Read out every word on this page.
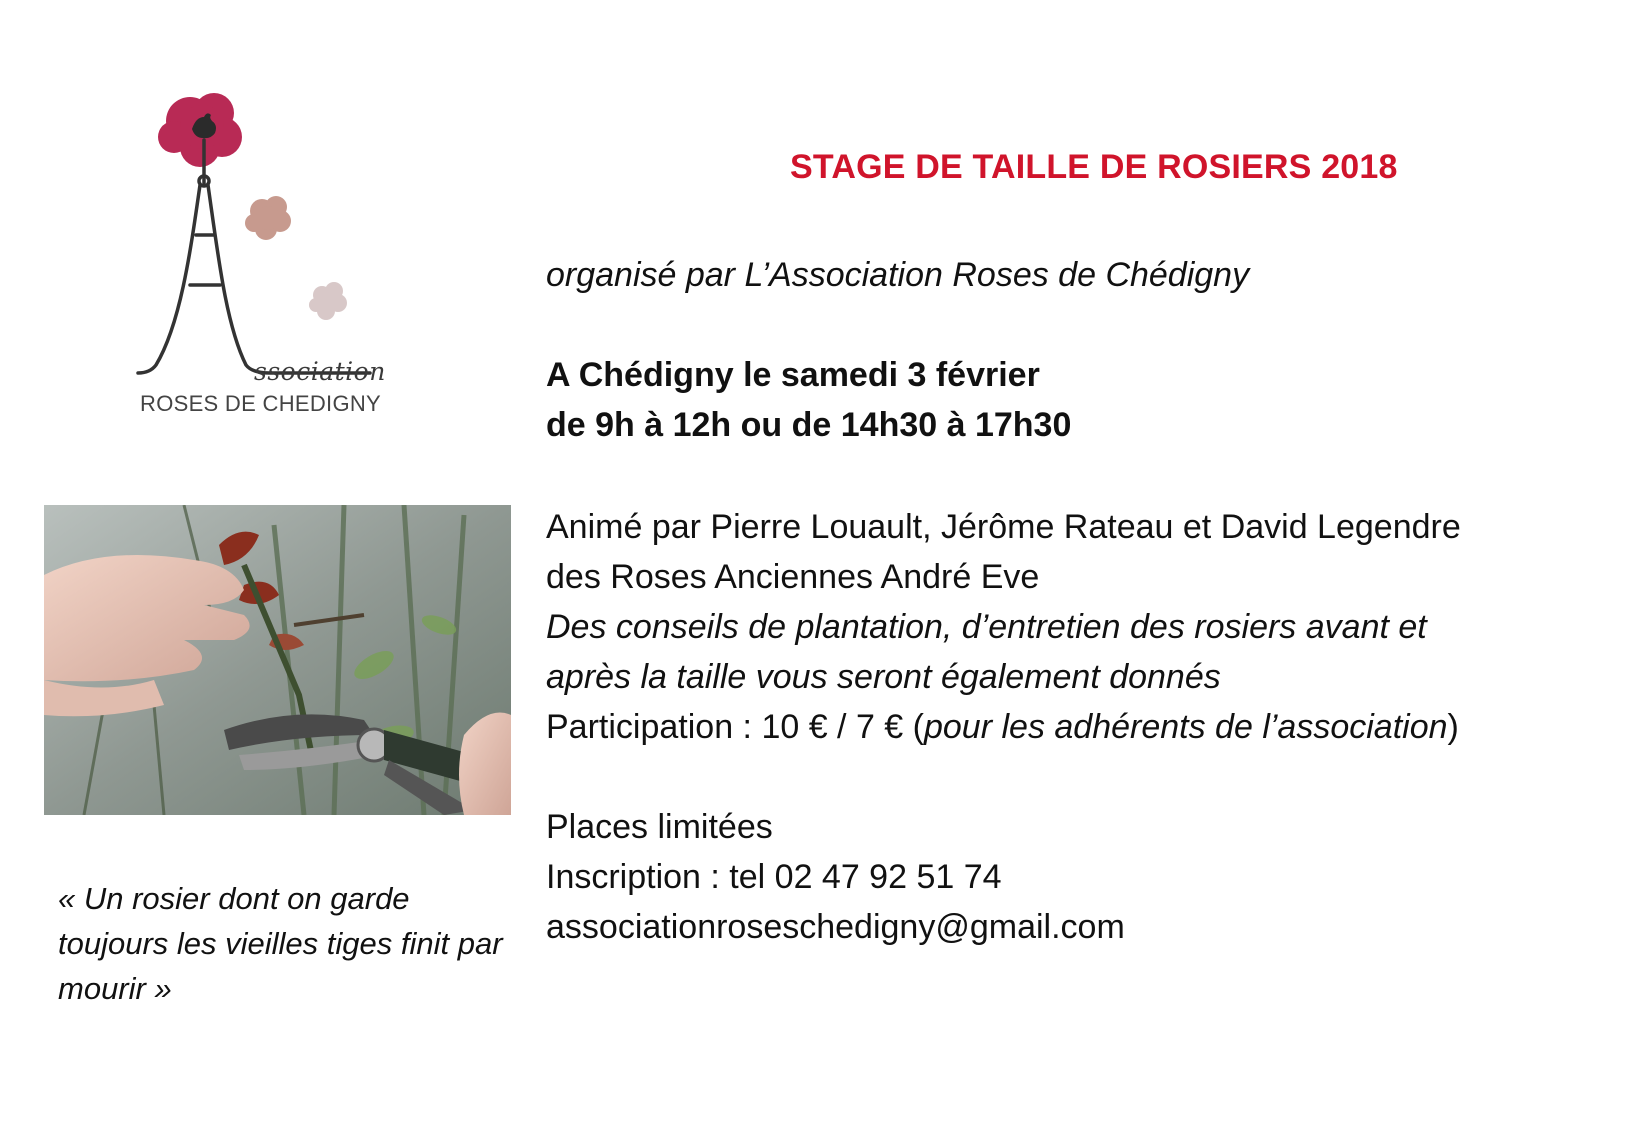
ssociation
ROSES DE CHEDIGNY
« Un rosier dont on garde toujours les vieilles tiges finit par mourir »
STAGE DE TAILLE DE ROSIERS 2018
organisé par L’Association Roses de Chédigny
A Chédigny le samedi 3 février
de 9h à 12h ou de 14h30 à 17h30
Animé par Pierre Louault, Jérôme Rateau et David Legendre
des Roses Anciennes André Eve
Des conseils de plantation, d’entretien des rosiers avant et
après la taille vous seront également donnés
Participation : 10 € / 7 € (pour les adhérents de l’association)
Places limitées
Inscription : tel 02 47 92 51 74
associationroseschedigny@gmail.com
